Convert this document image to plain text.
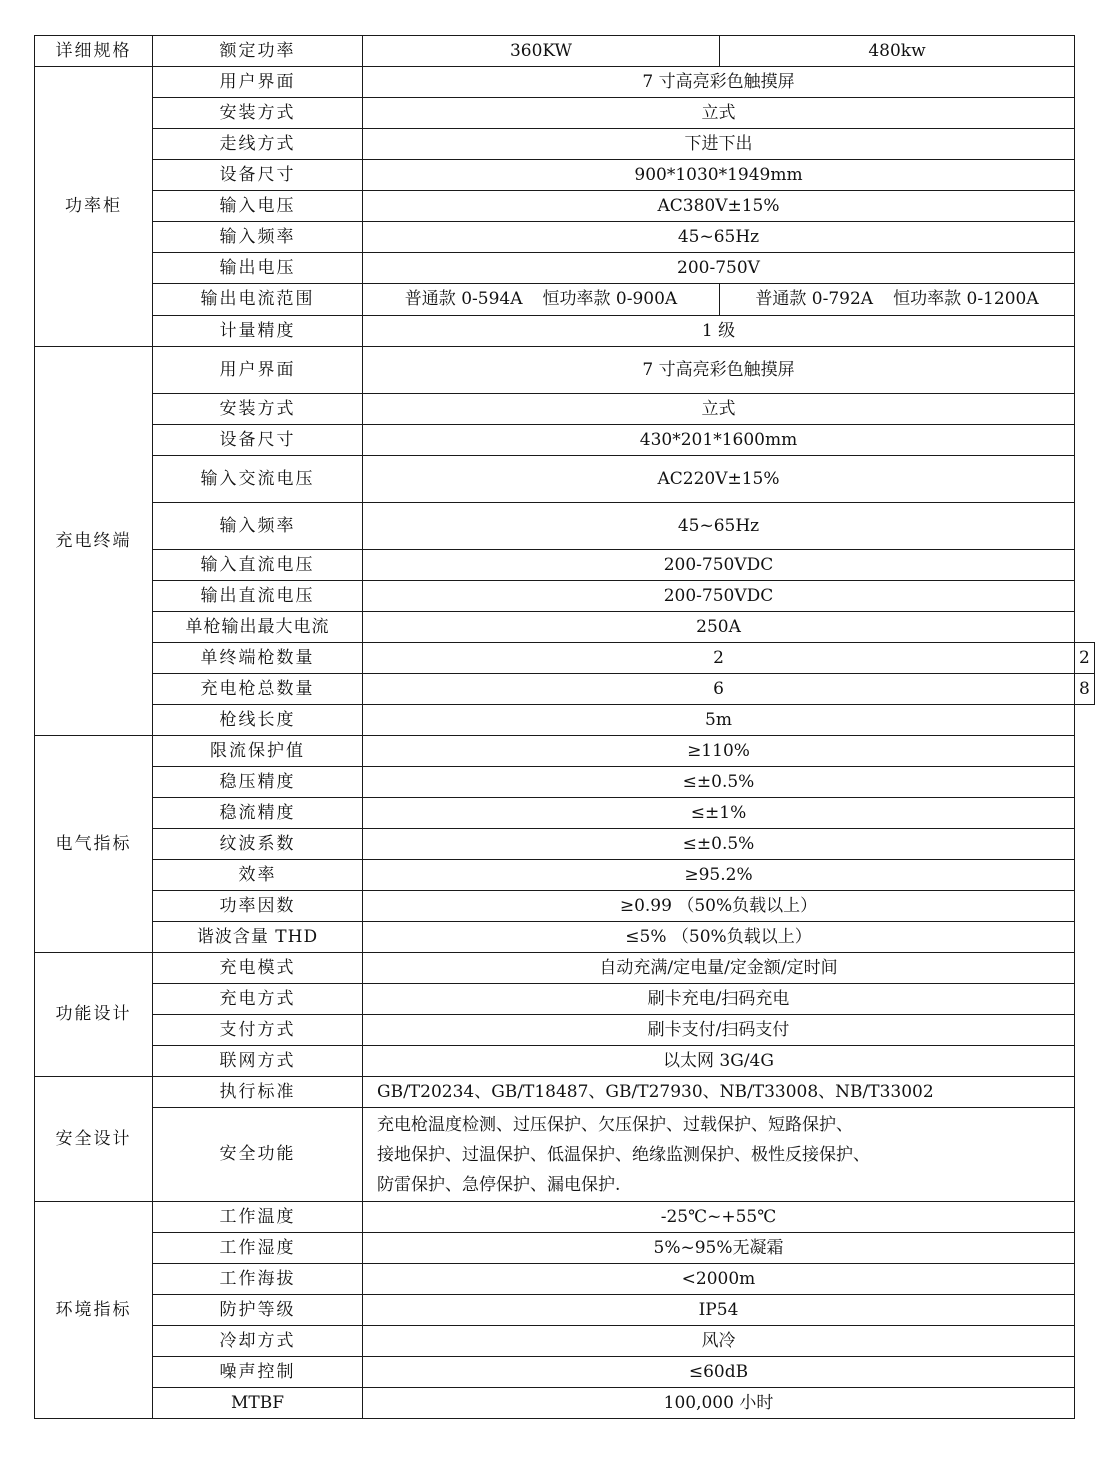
详细规格	额定功率	360KW	480kw	
功率柜	用户界面	7 寸高亮彩色触摸屏		
	安装方式	立式		
	走线方式	下进下出		
	设备尺寸	900*1030*1949mm		
	输入电压	AC380V±15%		
	输入频率	45~65Hz		
	输出电压	200-750V		
	输出电流范围	普通款 0-594A 恒功率款 0-900A	普通款 0-792A 恒功率款 0-1200A	
	计量精度	1 级		
充电终端	用户界面	7 寸高亮彩色触摸屏		
	安装方式	立式		
	设备尺寸	430*201*1600mm		
	输入交流电压	AC220V±15%		
	输入频率	45~65Hz		
	输入直流电压	200-750VDC		
	输出直流电压	200-750VDC		
	单枪输出最大电流	250A		
	单终端枪数量	2		2
	充电枪总数量	6		8
	枪线长度	5m		
电气指标	限流保护值	≥110%		
	稳压精度	≤±0.5%		
	稳流精度	≤±1%		
	纹波系数	≤±0.5%		
	效率	≥95.2%		
	功率因数	≥0.99 （50%负载以上）		
	谐波含量 THD	≤5% （50%负载以上）		
功能设计	充电模式	自动充满/定电量/定金额/定时间		
	充电方式	刷卡充电/扫码充电		
	支付方式	刷卡支付/扫码支付		
	联网方式	以太网 3G/4G		
安全设计	执行标准	GB/T20234、GB/T18487、GB/T27930、NB/T33008、NB/T33002		
	安全功能	充电枪温度检测、过压保护、欠压保护、过载保护、短路保护、
接地保护、过温保护、低温保护、绝缘监测保护、极性反接保护、
防雷保护、急停保护、漏电保护.		

环境指标	工作温度	-25℃~+55℃		
	工作湿度	5%~95%无凝霜		
	工作海拔	<2000m		
	防护等级	IP54		
	冷却方式	风冷		
	噪声控制	≤60dB		
	MTBF	100,000 小时		
